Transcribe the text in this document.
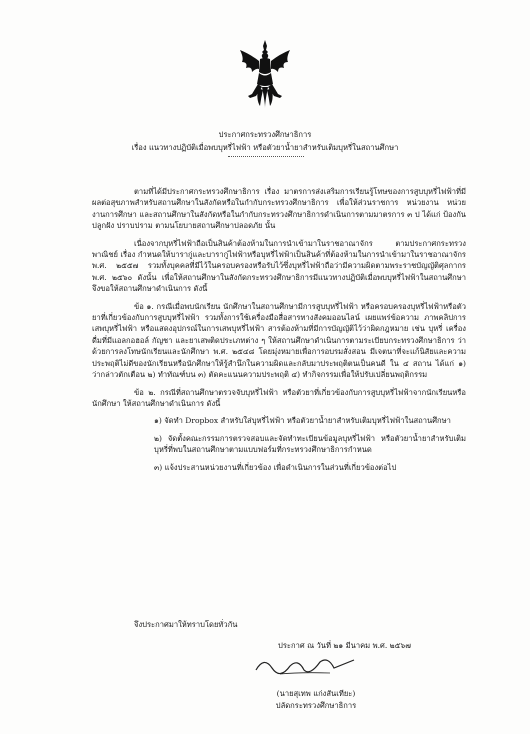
ประกาศกระทรวงศึกษาธิการ
เรื่อง แนวทางปฏิบัติเมื่อพบบุหรี่ไฟฟ้า หรือตัวยาน้ำยาสำหรับเติมบุหรี่ในสถานศึกษา

ตามที่ได้มีประกาศกระทรวงศึกษาธิการ เรื่อง มาตรการส่งเสริมการเรียนรู้โทษของการสูบบุหรี่ไฟฟ้าที่มีผลต่อสุขภาพสำหรับสถานศึกษาในสังกัดหรือในกำกับกระทรวงศึกษาธิการ เพื่อให้ส่วนราชการ หน่วยงาน หน่วยงานการศึกษา และสถานศึกษาในสังกัดหรือในกำกับกระทรวงศึกษาธิการดำเนินการตามมาตรการ ๓ ป ได้แก่ ป้องกัน ปลูกฝัง ปราบปราม ตามนโยบายสถานศึกษาปลอดภัย นั้น

เนื่องจากบุหรี่ไฟฟ้าถือเป็นสินค้าต้องห้ามในการนำเข้ามาในราชอาณาจักร ตามประกาศกระทรวงพาณิชย์ เรื่อง กำหนดให้บารากู่และบารากู่ไฟฟ้าหรือบุหรี่ไฟฟ้าเป็นสินค้าที่ต้องห้ามในการนำเข้ามาในราชอาณาจักร พ.ศ. ๒๕๕๗ รวมทั้งบุคคลที่มีไว้ในครอบครองหรือรับไว้ซึ่งบุหรี่ไฟฟ้าถือว่ามีความผิดตามพระราชบัญญัติศุลกากร พ.ศ. ๒๕๖๐ ดังนั้น เพื่อให้สถานศึกษาในสังกัดกระทรวงศึกษาธิการมีแนวทางปฏิบัติเมื่อพบบุหรี่ไฟฟ้าในสถานศึกษา จึงขอให้สถานศึกษาดำเนินการ ดังนี้

ข้อ ๑. กรณีเมื่อพบนักเรียน นักศึกษาในสถานศึกษามีการสูบบุหรี่ไฟฟ้า หรือครอบครองบุหรี่ไฟฟ้าหรือตัวยาที่เกี่ยวข้องกับการสูบบุหรี่ไฟฟ้า รวมทั้งการใช้เครื่องมือสื่อสารทางสังคมออนไลน์ เผยแพร่ข้อความ ภาพคลิปการเสพบุหรี่ไฟฟ้า หรือแสดงอุปกรณ์ในการเสพบุหรี่ไฟฟ้า สารต้องห้ามที่มีการบัญญัติไว้ว่าผิดกฎหมาย เช่น บุหรี่ เครื่องดื่มที่มีแอลกอฮอล์ กัญชา และยาเสพติดประเภทต่าง ๆ ให้สถานศึกษาดำเนินการตามระเบียบกระทรวงศึกษาธิการ ว่าด้วยการลงโทษนักเรียนและนักศึกษา พ.ศ. ๒๕๔๘ โดยมุ่งหมายเพื่อการอบรมสั่งสอน มีเจตนาที่จะแก้นิสัยและความประพฤติไม่ดีของนักเรียนหรือนักศึกษาให้รู้สำนึกในความผิดและกลับมาประพฤติตนเป็นคนดี ใน ๔ สถาน ได้แก่ ๑) ว่ากล่าวตักเตือน ๒) ทำทัณฑ์บน ๓) ตัดคะแนนความประพฤติ ๔) ทำกิจกรรมเพื่อให้ปรับเปลี่ยนพฤติกรรม

ข้อ ๒. กรณีที่สถานศึกษาตรวจจับบุหรี่ไฟฟ้า หรือตัวยาที่เกี่ยวข้องกับการสูบบุหรี่ไฟฟ้าจากนักเรียนหรือนักศึกษา ให้สถานศึกษาดำเนินการ ดังนี้

๑) จัดทำ Dropbox สำหรับใส่บุหรี่ไฟฟ้า หรือตัวยาน้ำยาสำหรับเติมบุหรี่ไฟฟ้าในสถานศึกษา

๒) จัดตั้งคณะกรรมการตรวจสอบและจัดทำทะเบียนข้อมูลบุหรี่ไฟฟ้า หรือตัวยาน้ำยาสำหรับเติมบุหรี่ที่พบในสถานศึกษาตามแบบฟอร์มที่กระทรวงศึกษาธิการกำหนด

๓) แจ้งประสานหน่วยงานที่เกี่ยวข้อง เพื่อดำเนินการในส่วนที่เกี่ยวข้องต่อไป

จึงประกาศมาให้ทราบโดยทั่วกัน
ประกาศ ณ วันที่ ๒๑ มีนาคม พ.ศ. ๒๕๖๗
(นายสุเทพ แก่งสันเทียะ)
ปลัดกระทรวงศึกษาธิการ
